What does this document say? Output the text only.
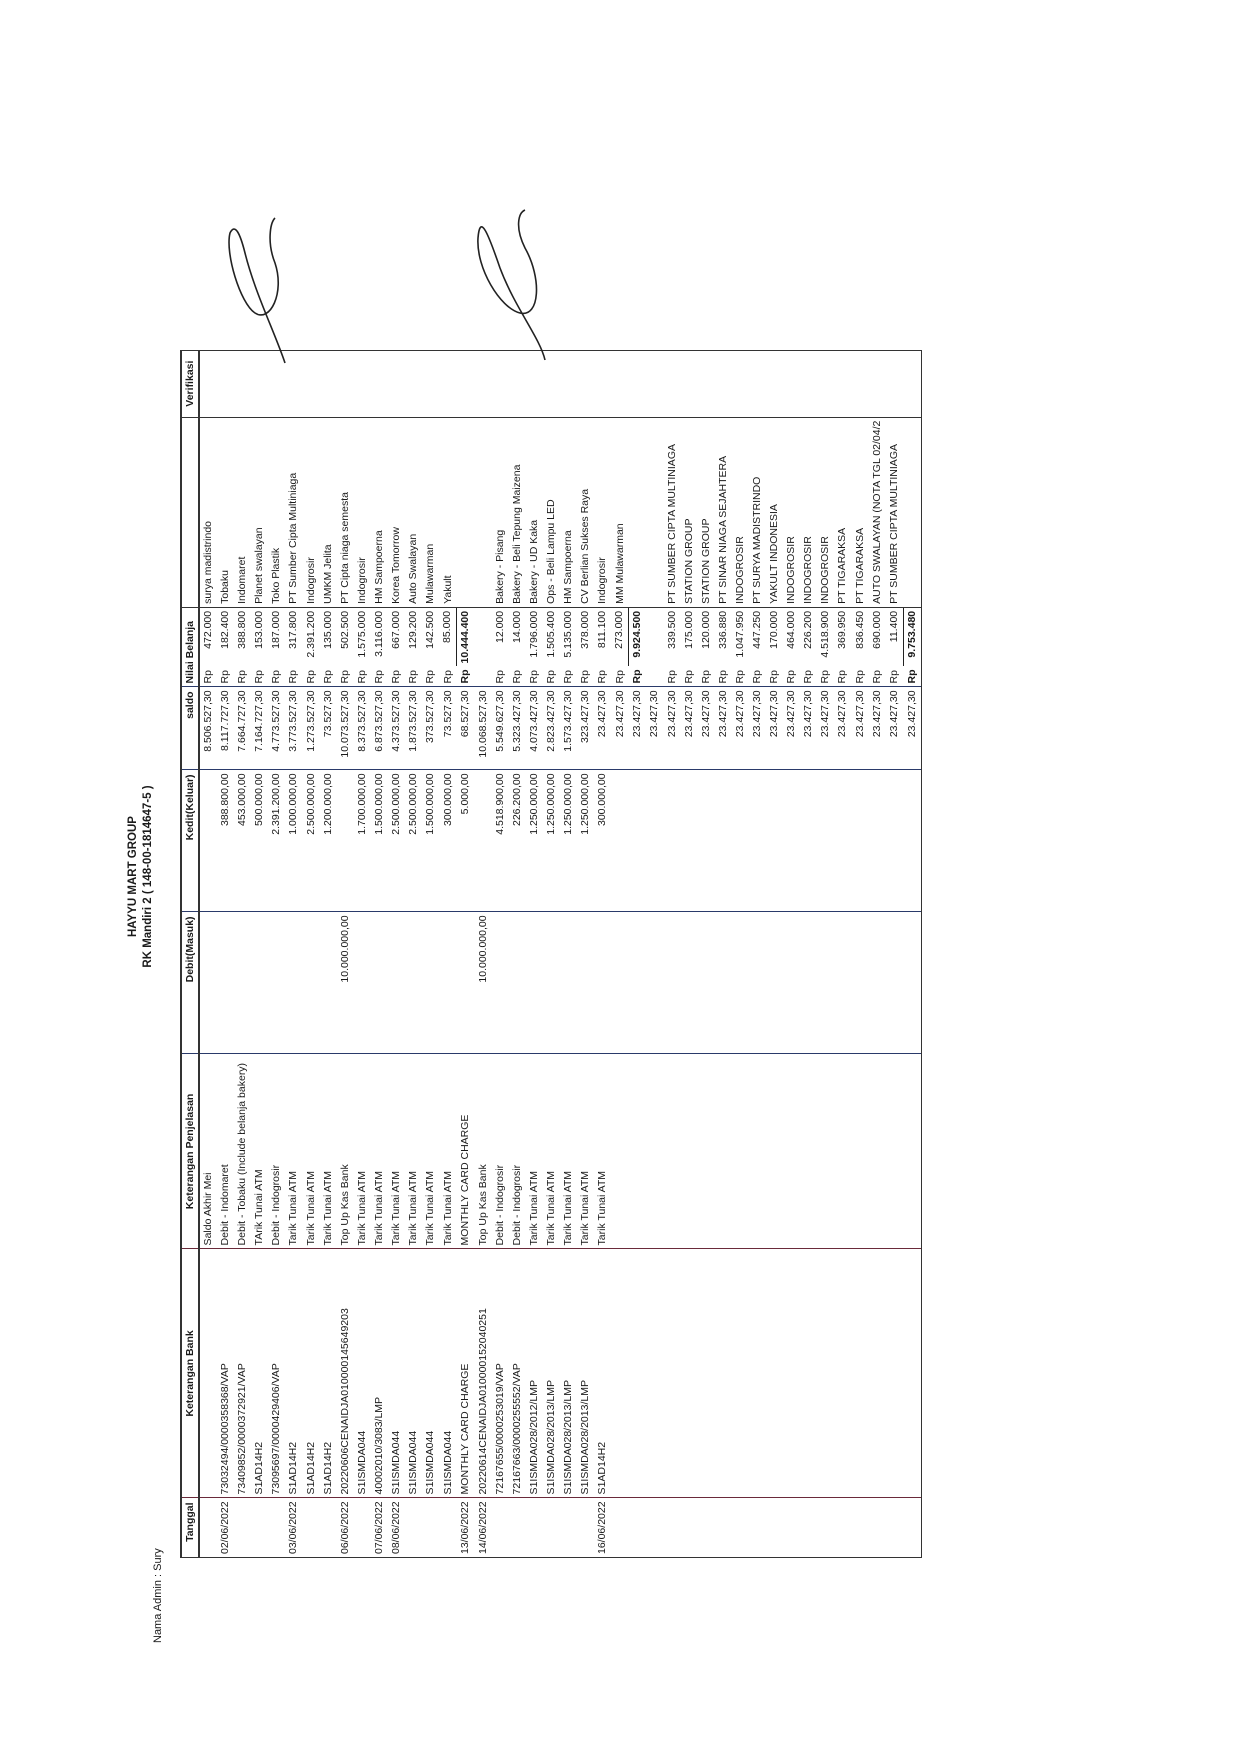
HAYYU MART GROUP RK Mandiri 2 ( 148-00-1814647-5 )
Nama Admin : Sury
Tanggal	Keterangan Bank	Keterangan Penjelasan	Debit(Masuk)	Kedit(Keluar)	saldo	Nilai Belanja			Verifikasi
		Saldo Akhir Mei			8.506.527,30	Rp	472.000	surya madistrindo	
02/06/2022	73032494/0000358368/VAP	Debit - Indomaret		388.800,00	8.117.727,30	Rp	182.400	Tobaku	
	73409852/0000372921/VAP	Debit - Tobaku (Include belanja bakery)		453.000,00	7.664.727,30	Rp	388.800	Indomaret	
	S1AD14H2	TArik Tunai ATM		500.000,00	7.164.727,30	Rp	153.000	Planet swalayan	
	73095697/0000429406/VAP	Debit - Indogrosir		2.391.200,00	4.773.527,30	Rp	187.000	Toko Plastik	
03/06/2022	S1AD14H2	Tarik Tunai ATM		1.000.000,00	3.773.527,30	Rp	317.800	PT Sumber Cipta Multiniaga	
	S1AD14H2	Tarik Tunai ATM		2.500.000,00	1.273.527,30	Rp	2.391.200	Indogrosir	
	S1AD14H2	Tarik Tunai ATM		1.200.000,00	73.527,30	Rp	135.000	UMKM Jelita	
06/06/2022	20220606CENAIDJA010000145649203	Top Up Kas Bank	10.000.000,00		10.073.527,30	Rp	502.500	PT Cipta niaga semesta	
	S1ISMDA044	Tarik Tunai ATM		1.700.000,00	8.373.527,30	Rp	1.575.000	Indogrosir	
07/06/2022	40002010/3083/LMP	Tarik Tunai ATM		1.500.000,00	6.873.527,30	Rp	3.116.000	HM Sampoerna	
08/06/2022	S1ISMDA044	Tarik Tunai ATM		2.500.000,00	4.373.527,30	Rp	667.000	Korea Tomorrow	
	S1ISMDA044	Tarik Tunai ATM		2.500.000,00	1.873.527,30	Rp	129.200	Auto Swalayan	
	S1ISMDA044	Tarik Tunai ATM		1.500.000,00	373.527,30	Rp	142.500	Mulawarman	
	S1ISMDA044	Tarik Tunai ATM		300.000,00	73.527,30	Rp	85.000	Yakult	
13/06/2022	MONTHLY CARD CHARGE	MONTHLY CARD CHARGE		5.000,00	68.527,30	Rp	10.444.400		
14/06/2022	20220614CENAIDJA010000152040251	Top Up Kas Bank	10.000.000,00		10.068.527,30				
	72167655/0000253019/VAP	Debit - Indogrosir		4.518.900,00	5.549.627,30	Rp	12.000	Bakery - Pisang	
	72167663/0000255552/VAP	Debit - Indogrosir		226.200,00	5.323.427,30	Rp	14.000	Bakery - Beli Tepung Maizena	
	S1ISMDA028/2012/LMP	Tarik Tunai ATM		1.250.000,00	4.073.427,30	Rp	1.796.000	Bakery - UD Kaka	
	S1ISMDA028/2013/LMP	Tarik Tunai ATM		1.250.000,00	2.823.427,30	Rp	1.505.400	Ops - Beli Lampu LED	
	S1ISMDA028/2013/LMP	Tarik Tunai ATM		1.250.000,00	1.573.427,30	Rp	5.135.000	HM Sampoerna	
	S1ISMDA028/2013/LMP	Tarik Tunai ATM		1.250.000,00	323.427,30	Rp	378.000	CV Berlian Sukses Raya	
16/06/2022	S1AD14H2	Tarik Tunai ATM		300.000,00	23.427,30	Rp	811.100	Indogrosir	
					23.427,30	Rp	273.000	MM Mulawarman	
					23.427,30	Rp	9.924.500		
					23.427,30				
					23.427,30	Rp	339.500	PT SUMBER CIPTA MULTINIAGA	
					23.427,30	Rp	175.000	STATION GROUP	
					23.427,30	Rp	120.000	STATION GROUP	
					23.427,30	Rp	336.880	PT SINAR NIAGA SEJAHTERA	
					23.427,30	Rp	1.047.950	INDOGROSIR	
					23.427,30	Rp	447.250	PT SURYA MADISTRINDO	
					23.427,30	Rp	170.000	YAKULT INDONESIA	
					23.427,30	Rp	464.000	INDOGROSIR	
					23.427,30	Rp	226.200	INDOGROSIR	
					23.427,30	Rp	4.518.900	INDOGROSIR	
					23.427,30	Rp	369.950	PT TIGARAKSA	
					23.427,30	Rp	836.450	PT TIGARAKSA	
					23.427,30	Rp	690.000	AUTO SWALAYAN (NOTA TGL 02/04/2	
					23.427,30	Rp	11.400	PT SUMBER CIPTA MULTINIAGA	
					23.427,30	Rp	9.753.480		
